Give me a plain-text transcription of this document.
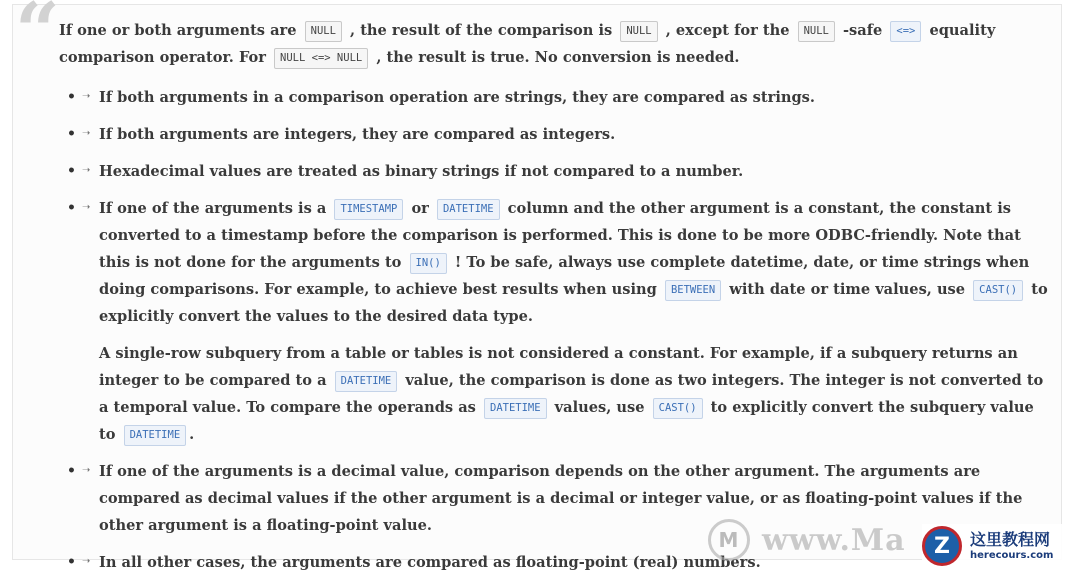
“ If one or both arguments are NULL , the result of the comparison is NULL , except for the NULL -safe <=> equality comparison operator. For NULL <=> NULL , the result is true. No conversion is needed.

• ➝ If both arguments in a comparison operation are strings, they are compared as strings.

• ➝ If both arguments are integers, they are compared as integers.

• ➝ Hexadecimal values are treated as binary strings if not compared to a number.

• ➝ If one of the arguments is a TIMESTAMP or DATETIME column and the other argument is a constant, the constant is converted to a timestamp before the comparison is performed. This is done to be more ODBC-friendly. Note that this is not done for the arguments to IN() ! To be safe, always use complete datetime, date, or time strings when doing comparisons. For example, to achieve best results when using BETWEEN with date or time values, use CAST() to explicitly convert the values to the desired data type.

A single-row subquery from a table or tables is not considered a constant. For example, if a subquery returns an integer to be compared to a DATETIME value, the comparison is done as two integers. The integer is not converted to a temporal value. To compare the operands as DATETIME values, use CAST() to explicitly convert the subquery value to DATETIME .

• ➝ If one of the arguments is a decimal value, comparison depends on the other argument. The arguments are compared as decimal values if the other argument is a decimal or integer value, or as floating-point values if the other argument is a floating-point value.

• ➝ In all other cases, the arguments are compared as floating-point (real) numbers.

M www.Ma	Z	这里教程网
herecours.com
